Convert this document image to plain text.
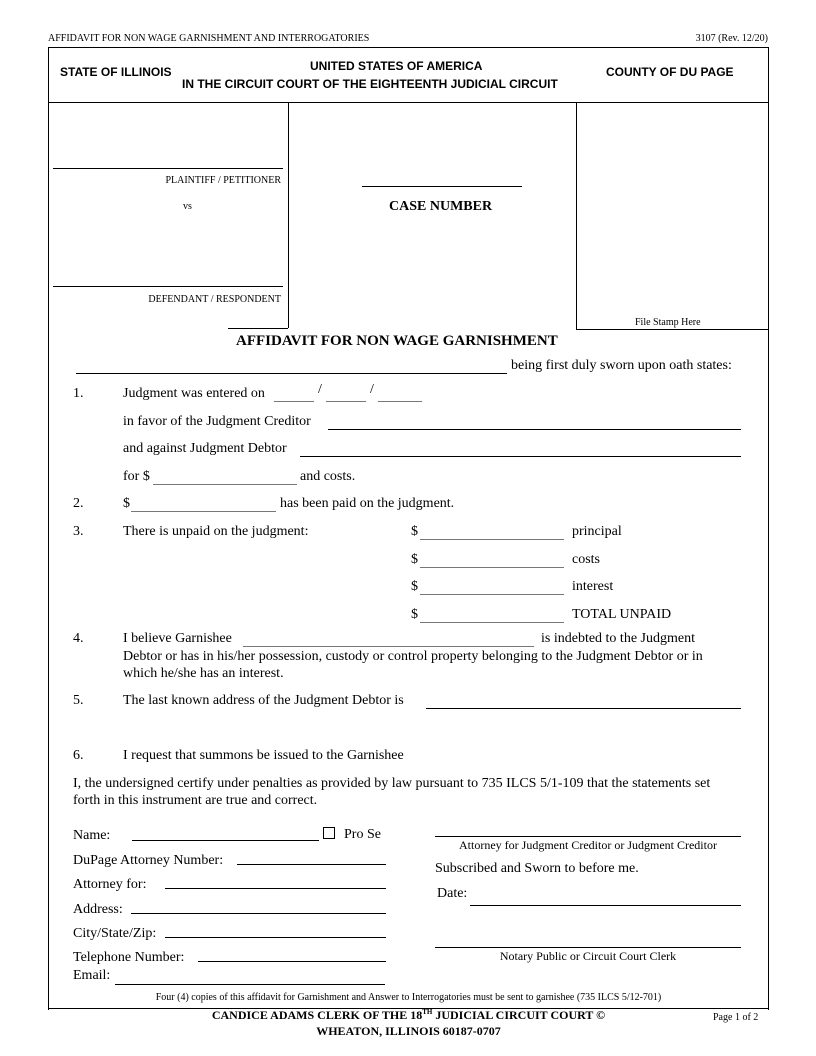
AFFIDAVIT FOR NON WAGE GARNISHMENT AND INTERROGATORIES	3107 (Rev. 12/20)
STATE OF ILLINOIS	UNITED STATES OF AMERICA	COUNTY OF DU PAGE
IN THE CIRCUIT COURT OF THE EIGHTEENTH JUDICIAL CIRCUIT
PLAINTIFF / PETITIONER
vs
DEFENDANT / RESPONDENT
CASE NUMBER
File Stamp Here
AFFIDAVIT FOR NON WAGE GARNISHMENT
being first duly sworn upon oath states:
1.	Judgment was entered on	/	/
in favor of the Judgment Creditor
and against Judgment Debtor
for $	and costs.
2.	$	has been paid on the judgment.
3.	There is unpaid on the judgment:	$	principal
$	costs
$	interest
$	TOTAL UNPAID
4.	I believe Garnishee	is indebted to the Judgment
Debtor or has in his/her possession, custody or control property belonging to the Judgment Debtor or in
which he/she has an interest.
5.	The last known address of the Judgment Debtor is
6.	I request that summons be issued to the Garnishee
I, the undersigned certify under penalties as provided by law pursuant to 735 ILCS 5/1-109 that the statements set
forth in this instrument are true and correct.
Name:	Pro Se
DuPage Attorney Number:
Attorney for:
Address:
City/State/Zip:
Telephone Number:
Email:
Attorney for Judgment Creditor or Judgment Creditor
Subscribed and Sworn to before me.
Date:
Notary Public or Circuit Court Clerk
Four (4) copies of this affidavit for Garnishment and Answer to Interrogatories must be sent to garnishee (735 ILCS 5/12-701)
CANDICE ADAMS CLERK OF THE 18TH JUDICIAL CIRCUIT COURT ©
WHEATON, ILLINOIS 60187-0707
Page 1 of 2
